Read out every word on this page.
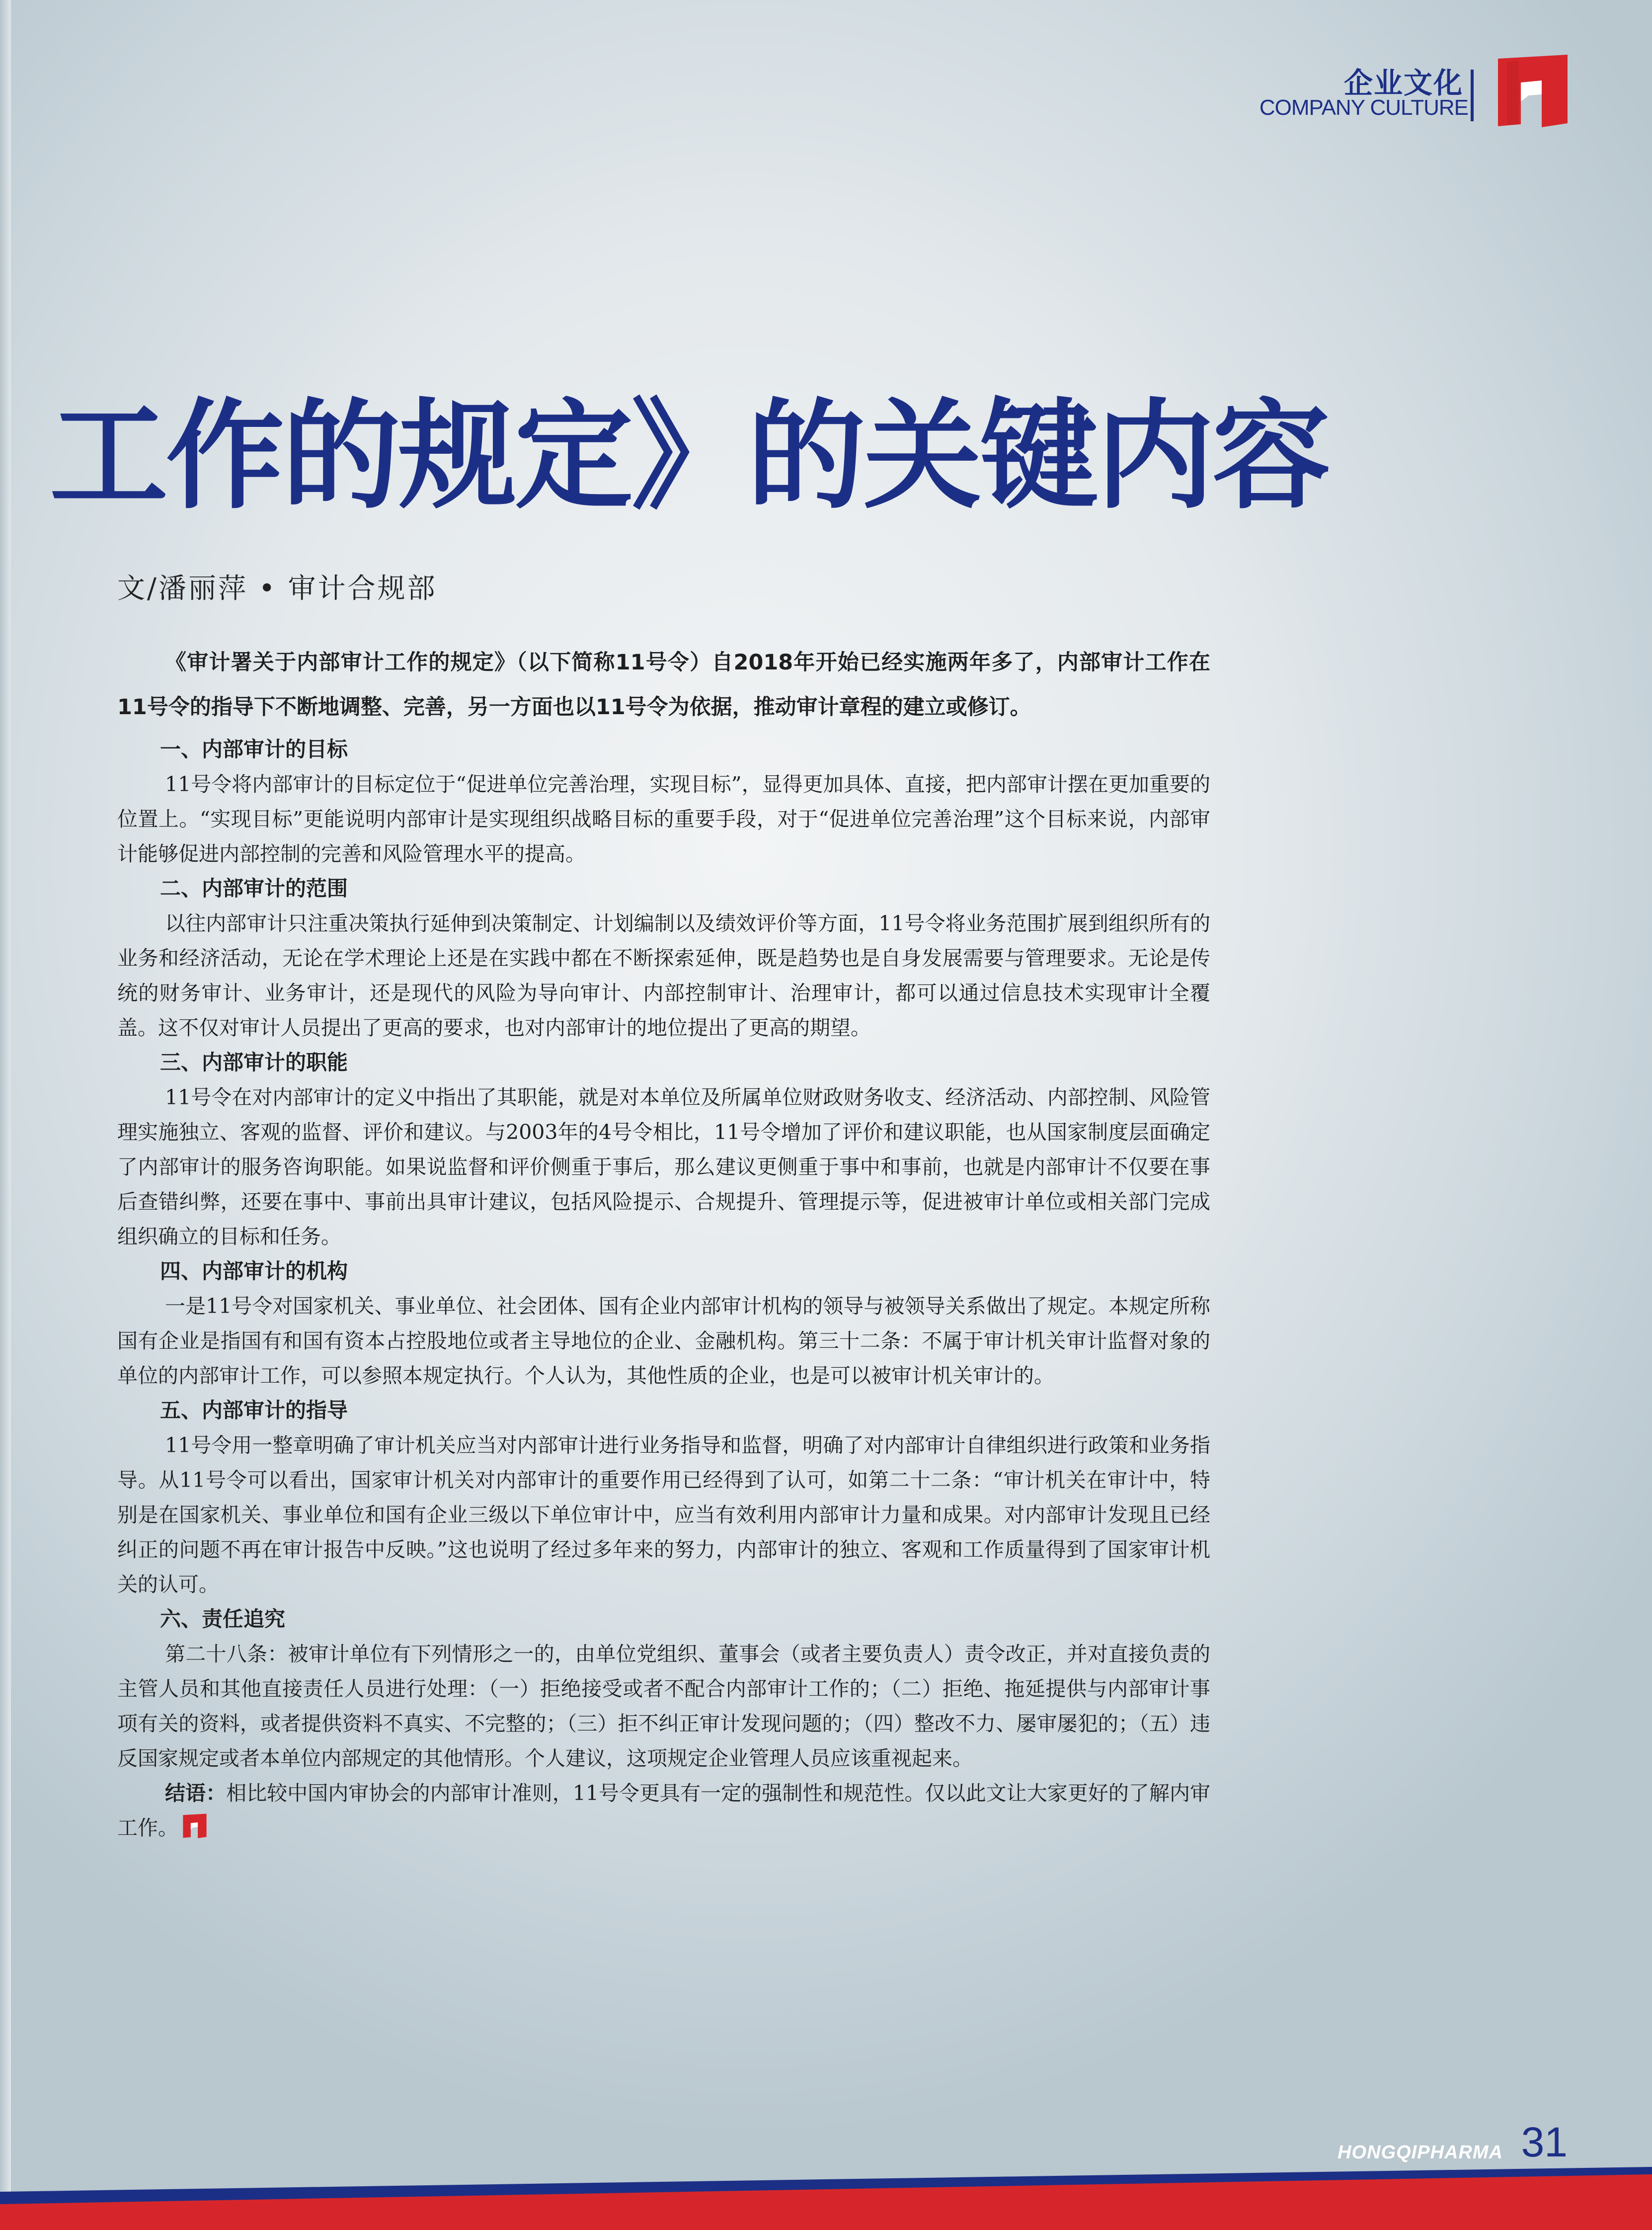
企业文化
COMPANY CULTURE
工作的规定》的关键内容
文/潘丽萍 • 审计合规部

《审计署关于内部审计工作的规定》（以下简称11号令）自2018年开始已经实施两年多了，内部审计工作在11号令的指导下不断地调整、完善，另一方面也以11号令为依据，推动审计章程的建立或修订。

一、内部审计的目标

11号令将内部审计的目标定位于“促进单位完善治理，实现目标”，显得更加具体、直接，把内部审计摆在更加重要的位置上。“实现目标”更能说明内部审计是实现组织战略目标的重要手段，对于“促进单位完善治理”这个目标来说，内部审计能够促进内部控制的完善和风险管理水平的提高。

二、内部审计的范围

以往内部审计只注重决策执行延伸到决策制定、计划编制以及绩效评价等方面，11号令将业务范围扩展到组织所有的业务和经济活动，无论在学术理论上还是在实践中都在不断探索延伸，既是趋势也是自身发展需要与管理要求。无论是传统的财务审计、业务审计，还是现代的风险为导向审计、内部控制审计、治理审计，都可以通过信息技术实现审计全覆盖。这不仅对审计人员提出了更高的要求，也对内部审计的地位提出了更高的期望。

三、内部审计的职能

11号令在对内部审计的定义中指出了其职能，就是对本单位及所属单位财政财务收支、经济活动、内部控制、风险管理实施独立、客观的监督、评价和建议。与2003年的4号令相比，11号令增加了评价和建议职能，也从国家制度层面确定了内部审计的服务咨询职能。如果说监督和评价侧重于事后，那么建议更侧重于事中和事前，也就是内部审计不仅要在事后查错纠弊，还要在事中、事前出具审计建议，包括风险提示、合规提升、管理提示等，促进被审计单位或相关部门完成组织确立的目标和任务。

四、内部审计的机构

一是11号令对国家机关、事业单位、社会团体、国有企业内部审计机构的领导与被领导关系做出了规定。本规定所称国有企业是指国有和国有资本占控股地位或者主导地位的企业、金融机构。第三十二条：不属于审计机关审计监督对象的单位的内部审计工作，可以参照本规定执行。个人认为，其他性质的企业，也是可以被审计机关审计的。

五、内部审计的指导

11号令用一整章明确了审计机关应当对内部审计进行业务指导和监督，明确了对内部审计自律组织进行政策和业务指导。从11号令可以看出，国家审计机关对内部审计的重要作用已经得到了认可，如第二十二条：“审计机关在审计中，特别是在国家机关、事业单位和国有企业三级以下单位审计中，应当有效利用内部审计力量和成果。对内部审计发现且已经纠正的问题不再在审计报告中反映。”这也说明了经过多年来的努力，内部审计的独立、客观和工作质量得到了国家审计机关的认可。

六、责任追究

第二十八条：被审计单位有下列情形之一的，由单位党组织、董事会（或者主要负责人）责令改正，并对直接负责的主管人员和其他直接责任人员进行处理：（一）拒绝接受或者不配合内部审计工作的；（二）拒绝、拖延提供与内部审计事项有关的资料，或者提供资料不真实、不完整的；（三）拒不纠正审计发现问题的；（四）整改不力、屡审屡犯的；（五）违反国家规定或者本单位内部规定的其他情形。个人建议，这项规定企业管理人员应该重视起来。

结语：相比较中国内审协会的内部审计准则，11号令更具有一定的强制性和规范性。仅以此文让大家更好的了解内审工作。

HONGQIPHARMA 31
